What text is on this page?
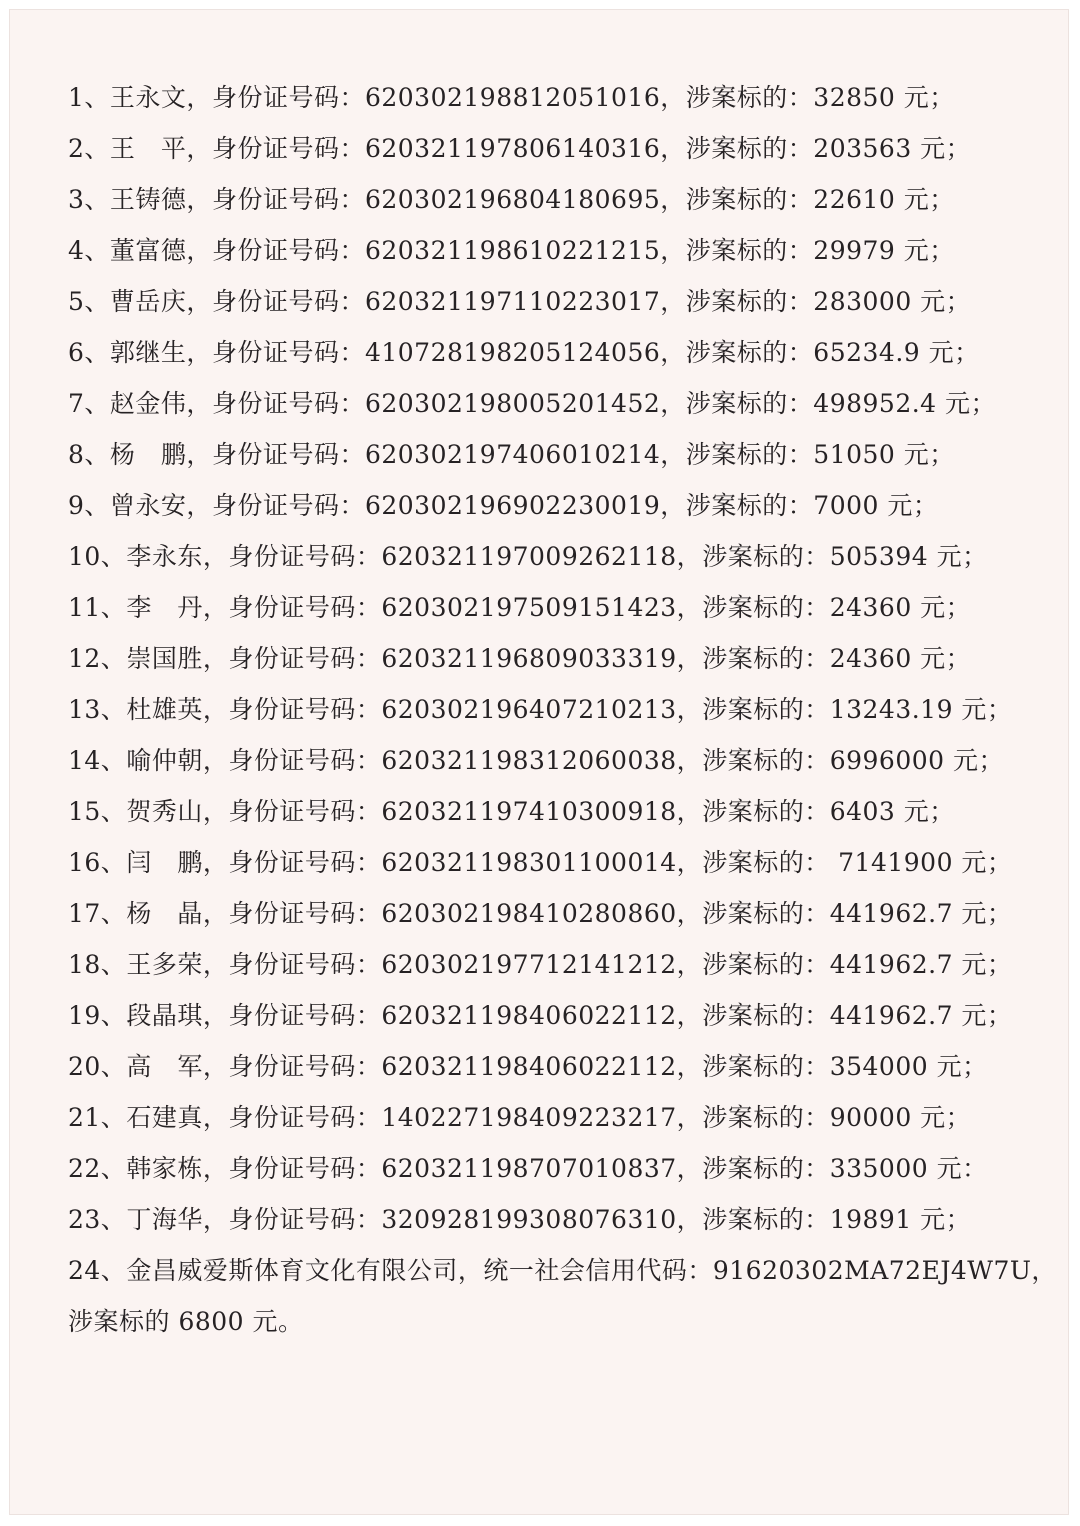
1、王永文，身份证号码：620302198812051016，涉案标的：32850 元；
2、王　平，身份证号码：620321197806140316，涉案标的：203563 元；
3、王铸德，身份证号码：620302196804180695，涉案标的：22610 元；
4、董富德，身份证号码：620321198610221215，涉案标的：29979 元；
5、曹岳庆，身份证号码：620321197110223017，涉案标的：283000 元；
6、郭继生，身份证号码：410728198205124056，涉案标的：65234.9 元；
7、赵金伟，身份证号码：620302198005201452，涉案标的：498952.4 元；
8、杨　鹏，身份证号码：620302197406010214，涉案标的：51050 元；
9、曾永安，身份证号码：620302196902230019，涉案标的：7000 元；
10、李永东，身份证号码：620321197009262118，涉案标的：505394 元；
11、李　丹，身份证号码：620302197509151423，涉案标的：24360 元；
12、崇国胜，身份证号码：620321196809033319，涉案标的：24360 元；
13、杜雄英，身份证号码：620302196407210213，涉案标的：13243.19 元；
14、喻仲朝，身份证号码：620321198312060038，涉案标的：6996000 元；
15、贺秀山，身份证号码：620321197410300918，涉案标的：6403 元；
16、闫　鹏，身份证号码：620321198301100014，涉案标的： 7141900 元；
17、杨　晶，身份证号码：620302198410280860，涉案标的：441962.7 元；
18、王多荣，身份证号码：620302197712141212，涉案标的：441962.7 元；
19、段晶琪，身份证号码：620321198406022112，涉案标的：441962.7 元；
20、高　军，身份证号码：620321198406022112，涉案标的：354000 元；
21、石建真，身份证号码：140227198409223217，涉案标的：90000 元；
22、韩家栋，身份证号码：620321198707010837，涉案标的：335000 元：
23、丁海华，身份证号码：320928199308076310，涉案标的：19891 元；
24、金昌威爱斯体育文化有限公司，统一社会信用代码：91620302MA72EJ4W7U，
涉案标的 6800 元。
